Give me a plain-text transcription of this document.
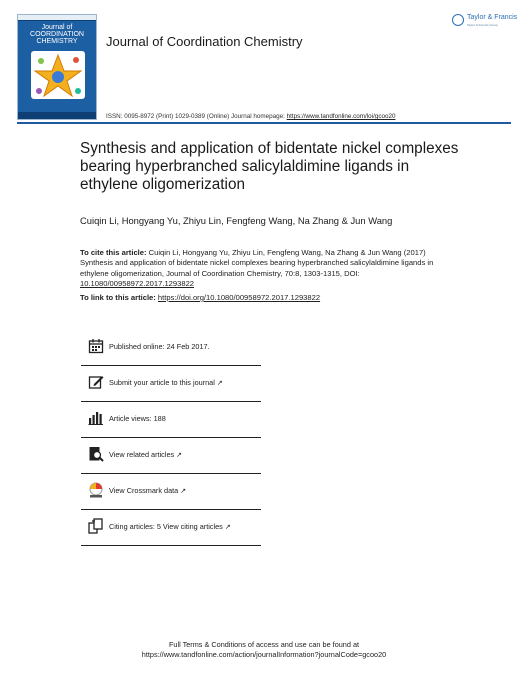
Journal of
COORDINATION
CHEMISTRY	Journal of Coordination Chemistry
Taylor & Francis
Taylor & Francis Group
ISSN: 0095-8972 (Print) 1029-0389 (Online) Journal homepage: https://www.tandfonline.com/loi/gcoo20
Synthesis and application of bidentate nickel complexes bearing hyperbranched salicylaldimine ligands in ethylene oligomerization
Cuiqin Li, Hongyang Yu, Zhiyu Lin, Fengfeng Wang, Na Zhang & Jun Wang
To cite this article: Cuiqin Li, Hongyang Yu, Zhiyu Lin, Fengfeng Wang, Na Zhang & Jun Wang (2017) Synthesis and application of bidentate nickel complexes bearing hyperbranched salicylaldimine ligands in ethylene oligomerization, Journal of Coordination Chemistry, 70:8, 1303-1315, DOI: 10.1080/00958972.2017.1293822
To link to this article: https://doi.org/10.1080/00958972.2017.1293822
Published online: 24 Feb 2017.
Submit your article to this journal ↗
Article views: 188
View related articles ↗
View Crossmark data ↗
Citing articles: 5 View citing articles ↗
Full Terms & Conditions of access and use can be found at
https://www.tandfonline.com/action/journalInformation?journalCode=gcoo20
